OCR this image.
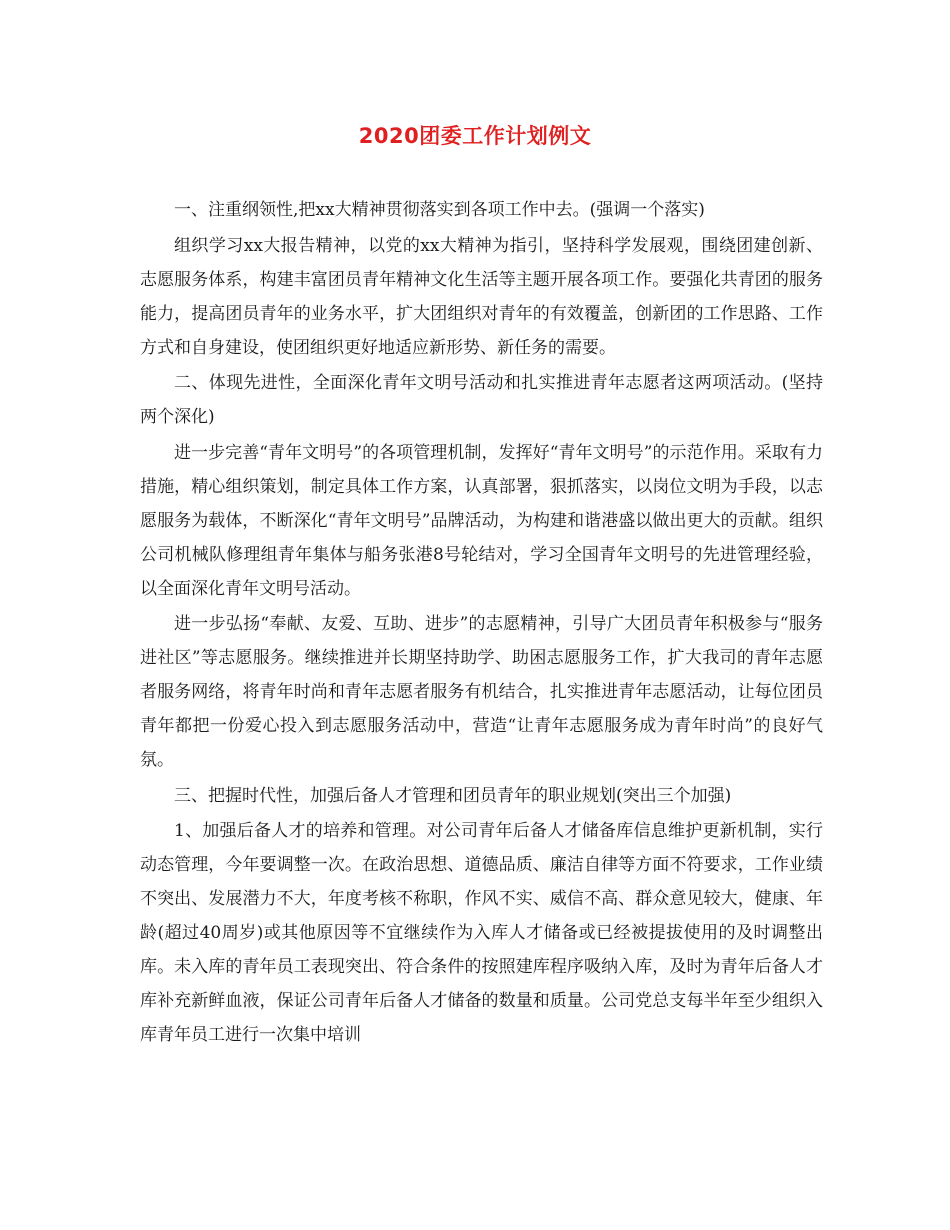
2020团委工作计划例文

一、注重纲领性,把xx大精神贯彻落实到各项工作中去。(强调一个落实)

组织学习xx大报告精神，以党的xx大精神为指引，坚持科学发展观，围绕团建创新、志愿服务体系，构建丰富团员青年精神文化生活等主题开展各项工作。要强化共青团的服务能力，提高团员青年的业务水平，扩大团组织对青年的有效覆盖，创新团的工作思路、工作方式和自身建设，使团组织更好地适应新形势、新任务的需要。

二、体现先进性，全面深化青年文明号活动和扎实推进青年志愿者这两项活动。(坚持两个深化)

进一步完善“青年文明号”的各项管理机制，发挥好“青年文明号”的示范作用。采取有力措施，精心组织策划，制定具体工作方案，认真部署，狠抓落实，以岗位文明为手段，以志愿服务为载体，不断深化“青年文明号”品牌活动，为构建和谐港盛以做出更大的贡献。组织公司机械队修理组青年集体与船务张港8号轮结对，学习全国青年文明号的先进管理经验，以全面深化青年文明号活动。

进一步弘扬“奉献、友爱、互助、进步”的志愿精神，引导广大团员青年积极参与“服务进社区”等志愿服务。继续推进并长期坚持助学、助困志愿服务工作，扩大我司的青年志愿者服务网络，将青年时尚和青年志愿者服务有机结合，扎实推进青年志愿活动，让每位团员青年都把一份爱心投入到志愿服务活动中，营造“让青年志愿服务成为青年时尚”的良好气氛。

三、把握时代性，加强后备人才管理和团员青年的职业规划(突出三个加强)

1、加强后备人才的培养和管理。对公司青年后备人才储备库信息维护更新机制，实行动态管理，今年要调整一次。在政治思想、道德品质、廉洁自律等方面不符要求，工作业绩不突出、发展潜力不大，年度考核不称职，作风不实、威信不高、群众意见较大，健康、年龄(超过40周岁)或其他原因等不宜继续作为入库人才储备或已经被提拔使用的及时调整出库。未入库的青年员工表现突出、符合条件的按照建库程序吸纳入库，及时为青年后备人才库补充新鲜血液，保证公司青年后备人才储备的数量和质量。公司党总支每半年至少组织入库青年员工进行一次集中培训
